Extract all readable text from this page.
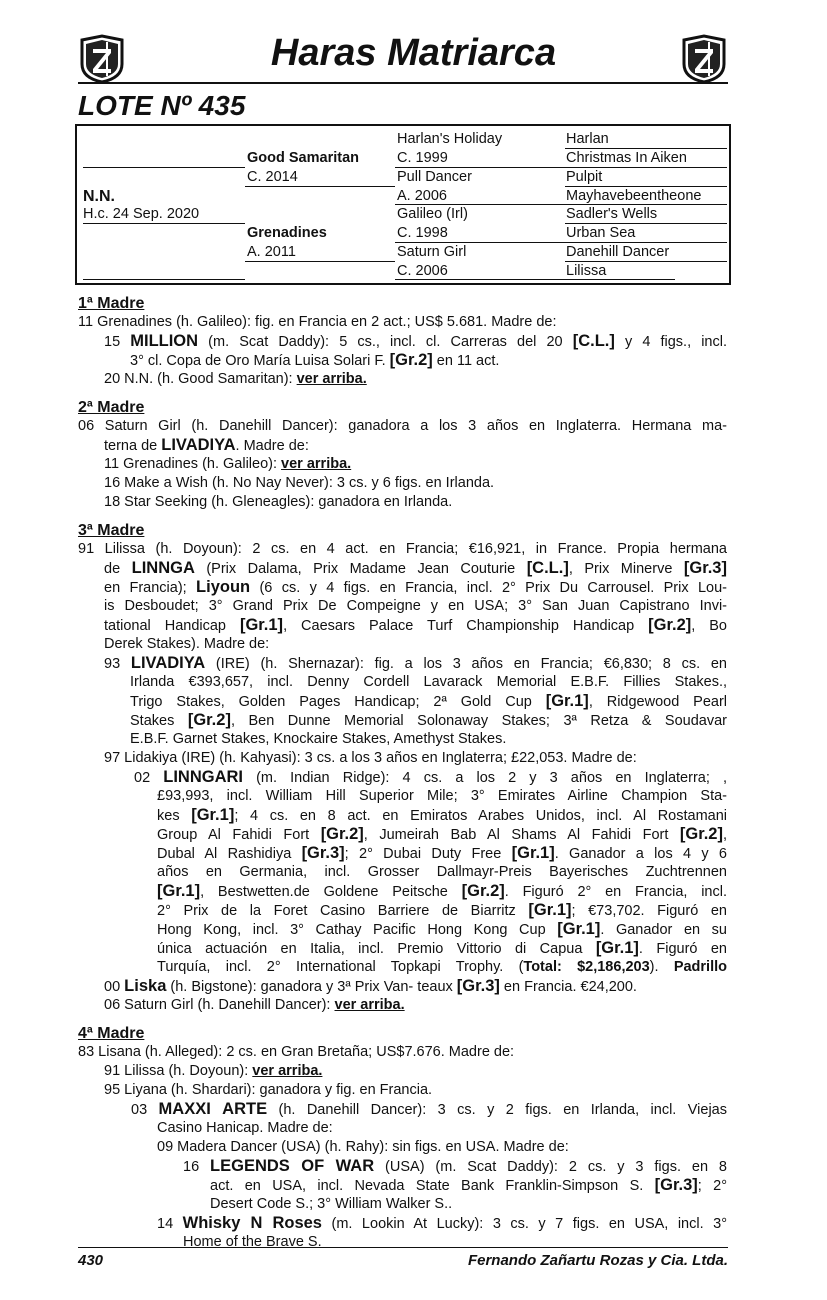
Haras Matriarca
LOTE Nº 435
N.N.
H.c. 24 Sep. 2020
Good Samaritan
C. 2014
Grenadines
A. 2011
Harlan's Holiday
C. 1999
Pull Dancer
A. 2006
Galileo (Irl)
C. 1998
Saturn Girl
C. 2006
Harlan
Christmas In Aiken
Pulpit
Mayhavebeentheone
Sadler's Wells
Urban Sea
Danehill Dancer
Lilissa
1ª Madre
11 Grenadines (h. Galileo): fig. en Francia en 2 act.; US$ 5.681. Madre de:
15 MILLION (m. Scat Daddy): 5 cs., incl. cl. Carreras del 20 [C.L.] y 4 figs., incl.
3° cl. Copa de Oro María Luisa Solari F. [Gr.2] en 11 act.
20 N.N. (h. Good Samaritan): ver arriba.
2ª Madre
06 Saturn Girl (h. Danehill Dancer): ganadora a los 3 años en Inglaterra. Hermana ma-
terna de LIVADIYA. Madre de:
11 Grenadines (h. Galileo): ver arriba.
16 Make a Wish (h. No Nay Never): 3 cs. y 6 figs. en Irlanda.
18 Star Seeking (h. Gleneagles): ganadora en Irlanda.
3ª Madre
91 Lilissa (h. Doyoun): 2 cs. en 4 act. en Francia; €16,921, in France. Propia hermana
de LINNGA (Prix Dalama, Prix Madame Jean Couturie [C.L.], Prix Minerve [Gr.3]
en Francia); Liyoun (6 cs. y 4 figs. en Francia, incl. 2° Prix Du Carrousel. Prix Lou-
is Desboudet; 3° Grand Prix De Compeigne y en USA; 3° San Juan Capistrano Invi-
tational Handicap [Gr.1], Caesars Palace Turf Championship Handicap [Gr.2], Bo
Derek Stakes). Madre de:
93 LIVADIYA (IRE) (h. Shernazar): fig. a los 3 años en Francia; €6,830; 8 cs. en
Irlanda €393,657, incl. Denny Cordell Lavarack Memorial E.B.F. Fillies Stakes.,
Trigo Stakes, Golden Pages Handicap; 2ª Gold Cup [Gr.1], Ridgewood Pearl
Stakes [Gr.2], Ben Dunne Memorial Solonaway Stakes; 3ª Retza & Soudavar
E.B.F. Garnet Stakes, Knockaire Stakes, Amethyst Stakes.
97 Lidakiya (IRE) (h. Kahyasi): 3 cs. a los 3 años en Inglaterra; £22,053. Madre de:
02 LINNGARI (m. Indian Ridge): 4 cs. a los 2 y 3 años en Inglaterra; ,
£93,993, incl. William Hill Superior Mile; 3° Emirates Airline Champion Sta-
kes [Gr.1]; 4 cs. en 8 act. en Emiratos Arabes Unidos, incl. Al Rostamani
Group Al Fahidi Fort [Gr.2], Jumeirah Bab Al Shams Al Fahidi Fort [Gr.2],
Dubal Al Rashidiya [Gr.3]; 2° Dubai Duty Free [Gr.1]. Ganador a los 4 y 6
años en Germania, incl. Grosser Dallmayr-Preis Bayerisches Zuchtrennen
[Gr.1], Bestwetten.de Goldene Peitsche [Gr.2]. Figuró 2° en Francia, incl.
2° Prix de la Foret Casino Barriere de Biarritz [Gr.1]; €73,702. Figuró en
Hong Kong, incl. 3° Cathay Pacific Hong Kong Cup [Gr.1]. Ganador en su
única actuación en Italia, incl. Premio Vittorio di Capua [Gr.1]. Figuró en
Turquía, incl. 2° International Topkapi Trophy. (Total: $2,186,203). Padrillo
00 Liska (h. Bigstone): ganadora y 3ª Prix Van- teaux [Gr.3] en Francia. €24,200.
06 Saturn Girl (h. Danehill Dancer): ver arriba.
4ª Madre
83 Lisana (h. Alleged): 2 cs. en Gran Bretaña; US$7.676. Madre de:
91 Lilissa (h. Doyoun): ver arriba.
95 Liyana (h. Shardari): ganadora y fig. en Francia.
03 MAXXI ARTE (h. Danehill Dancer): 3 cs. y 2 figs. en Irlanda, incl. Viejas
Casino Hanicap. Madre de:
09 Madera Dancer (USA) (h. Rahy): sin figs. en USA. Madre de:
16 LEGENDS OF WAR (USA) (m. Scat Daddy): 2 cs. y 3 figs. en 8
act. en USA, incl. Nevada State Bank Franklin-Simpson S. [Gr.3]; 2°
Desert Code S.; 3° William Walker S..
14 Whisky N Roses (m. Lookin At Lucky): 3 cs. y 7 figs. en USA, incl. 3°
Home of the Brave S.
430	Fernando Zañartu Rozas y Cia. Ltda.
